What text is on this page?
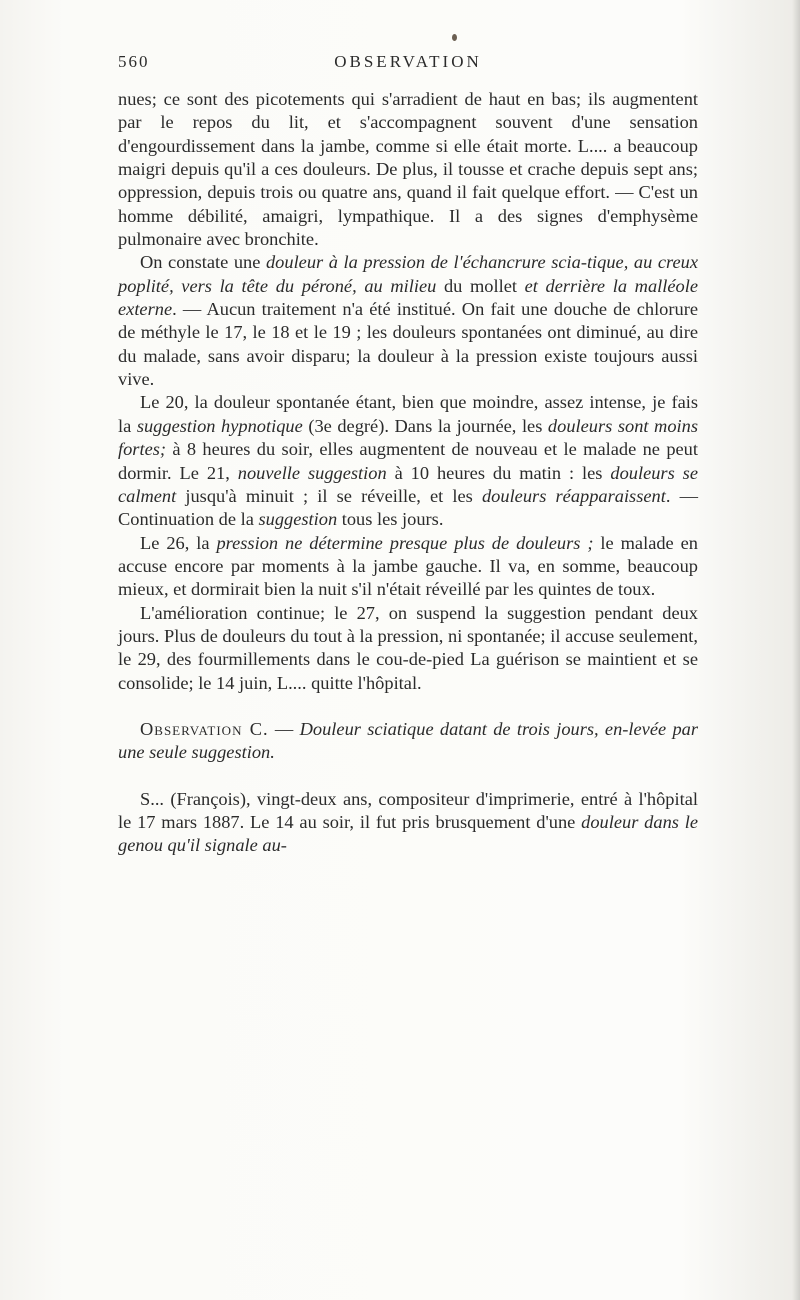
560	OBSERVATION

nues; ce sont des picotements qui s'arradient de haut en bas; ils augmentent par le repos du lit, et s'accompagnent souvent d'une sensation d'engourdissement dans la jambe, comme si elle était morte. L.... a beaucoup maigri depuis qu'il a ces douleurs. De plus, il tousse et crache depuis sept ans; oppression, depuis trois ou quatre ans, quand il fait quelque effort. — C'est un homme débilité, amaigri, lympathique. Il a des signes d'emphysème pulmonaire avec bronchite.

On constate une douleur à la pression de l'échancrure scia-tique, au creux poplité, vers la tête du péroné, au milieu du mollet et derrière la malléole externe. — Aucun traitement n'a été institué. On fait une douche de chlorure de méthyle le 17, le 18 et le 19 ; les douleurs spontanées ont diminué, au dire du malade, sans avoir disparu; la douleur à la pression existe toujours aussi vive.

Le 20, la douleur spontanée étant, bien que moindre, assez intense, je fais la suggestion hypnotique (3e degré). Dans la journée, les douleurs sont moins fortes; à 8 heures du soir, elles augmentent de nouveau et le malade ne peut dormir. Le 21, nouvelle suggestion à 10 heures du matin : les douleurs se calment jusqu'à minuit ; il se réveille, et les douleurs réapparaissent. — Continuation de la suggestion tous les jours.

Le 26, la pression ne détermine presque plus de douleurs ; le malade en accuse encore par moments à la jambe gauche. Il va, en somme, beaucoup mieux, et dormirait bien la nuit s'il n'était réveillé par les quintes de toux.

L'amélioration continue; le 27, on suspend la suggestion pendant deux jours. Plus de douleurs du tout à la pression, ni spontanée; il accuse seulement, le 29, des fourmillements dans le cou-de-pied La guérison se maintient et se consolide; le 14 juin, L.... quitte l'hôpital.

Observation C. — Douleur sciatique datant de trois jours, en-levée par une seule suggestion.

S... (François), vingt-deux ans, compositeur d'imprimerie, entré à l'hôpital le 17 mars 1887. Le 14 au soir, il fut pris brusquement d'une douleur dans le genou qu'il signale au-
